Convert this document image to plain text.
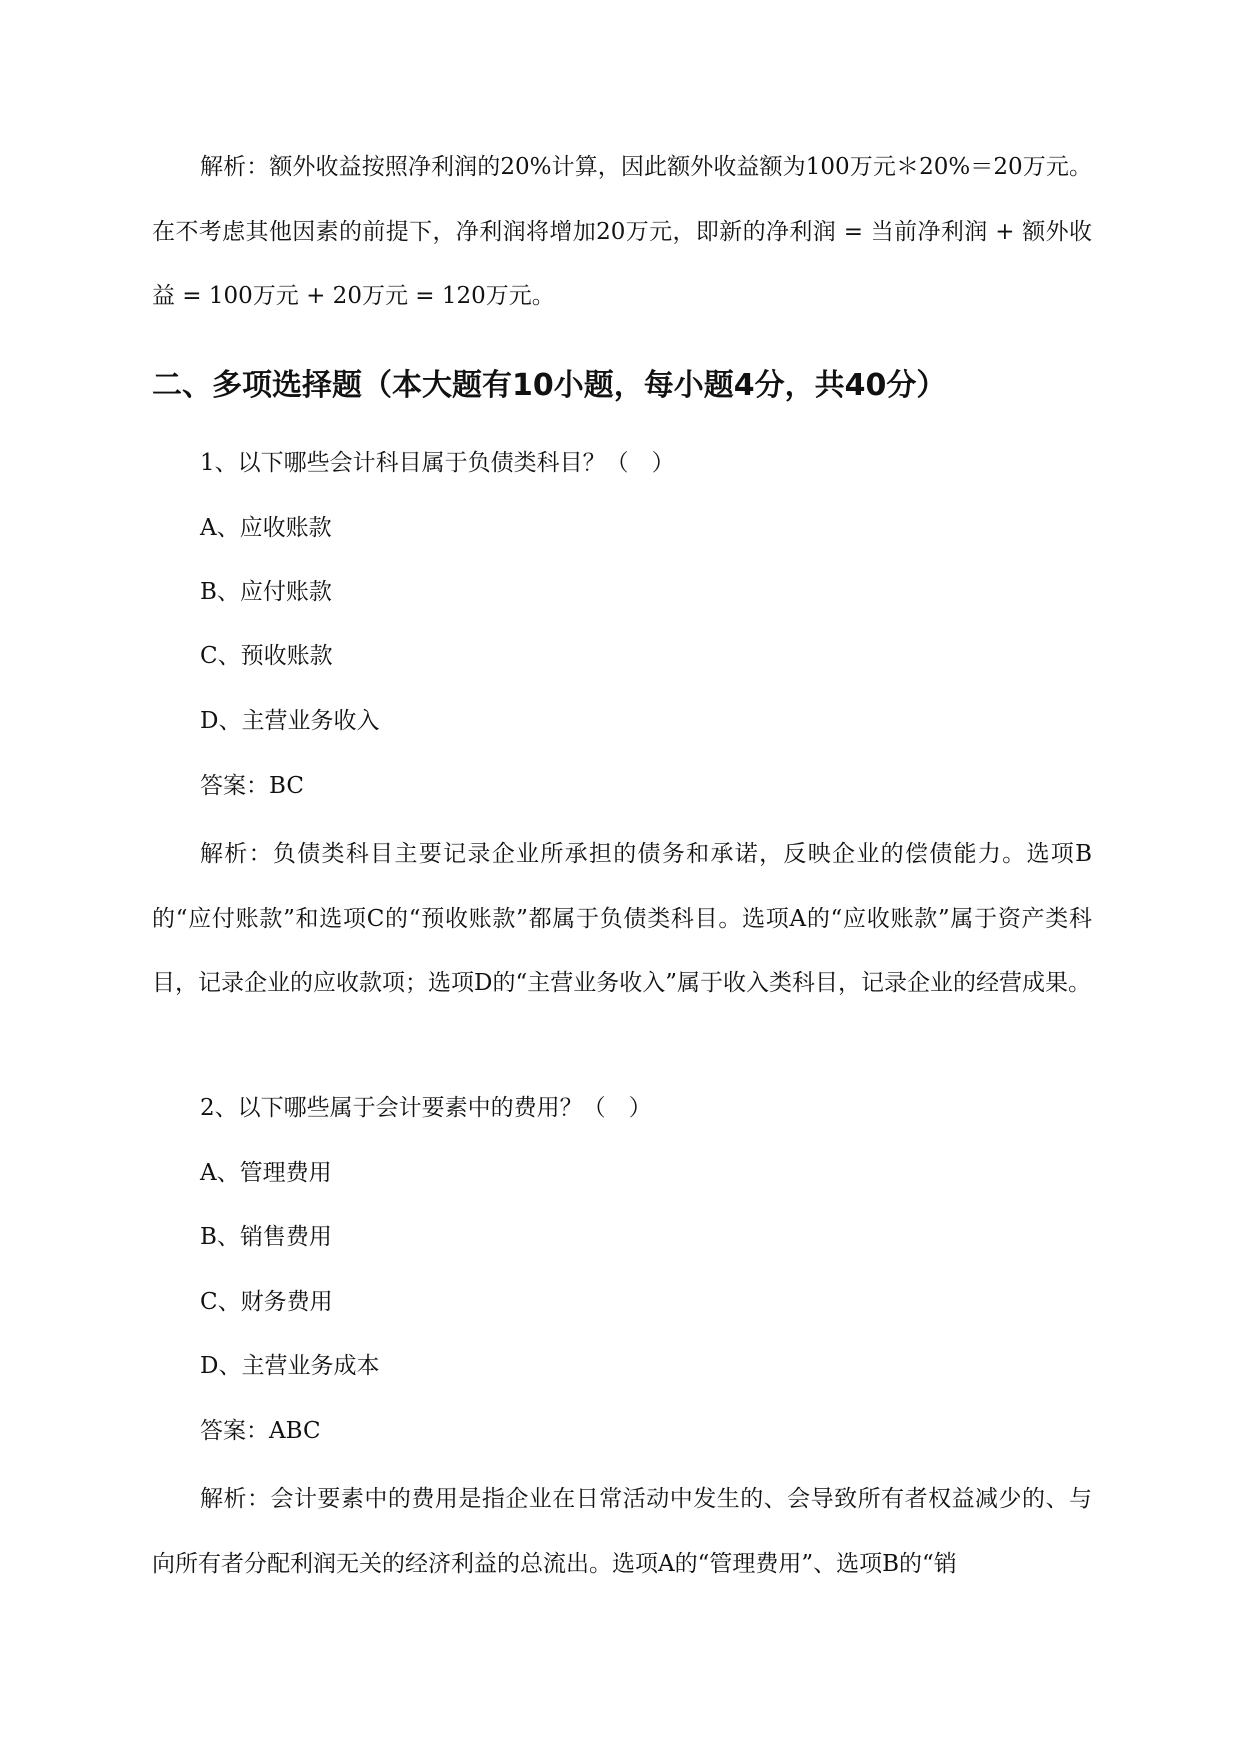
解析：额外收益按照净利润的20%计算，因此额外收益额为100万元＊20%＝20万元。在不考虑其他因素的前提下，净利润将增加20万元，即新的净利润 = 当前净利润 + 额外收益 = 100万元 + 20万元 = 120万元。

二、多项选择题（本大题有10小题，每小题4分，共40分）

1、以下哪些会计科目属于负债类科目？（　）

A、应收账款

B、应付账款

C、预收账款

D、主营业务收入

答案：BC

解析：负债类科目主要记录企业所承担的债务和承诺，反映企业的偿债能力。选项B的“应付账款”和选项C的“预收账款”都属于负债类科目。选项A的“应收账款”属于资产类科目，记录企业的应收款项；选项D的“主营业务收入”属于收入类科目，记录企业的经营成果。

2、以下哪些属于会计要素中的费用？（　）

A、管理费用

B、销售费用

C、财务费用

D、主营业务成本

答案：ABC

解析：会计要素中的费用是指企业在日常活动中发生的、会导致所有者权益减少的、与向所有者分配利润无关的经济利益的总流出。选项A的“管理费用”、选项B的“销
